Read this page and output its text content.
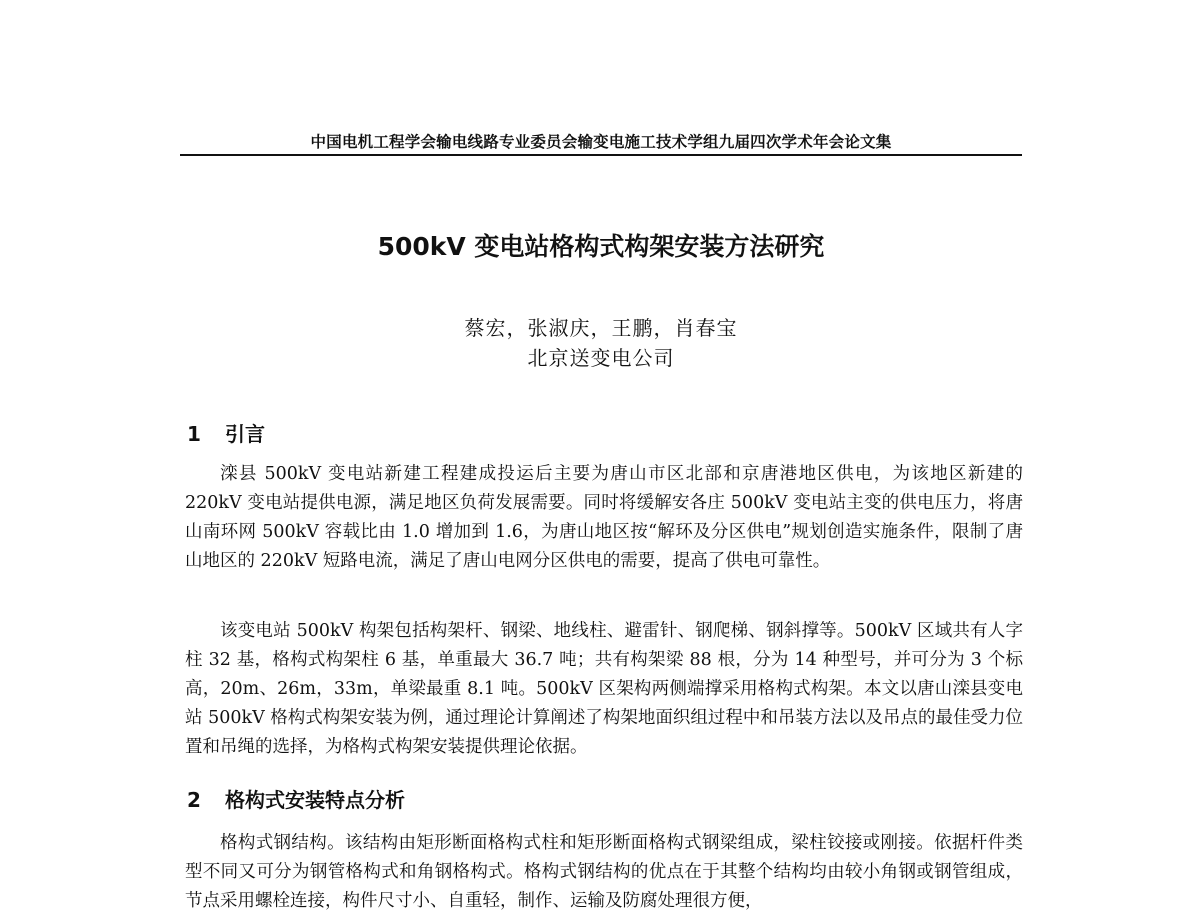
中国电机工程学会输电线路专业委员会输变电施工技术学组九届四次学术年会论文集
500kV 变电站格构式构架安装方法研究
蔡宏，张淑庆，王鹏，肖春宝
北京送变电公司
1 引言

滦县 500kV 变电站新建工程建成投运后主要为唐山市区北部和京唐港地区供电，为该地区新建的 220kV 变电站提供电源，满足地区负荷发展需要。同时将缓解安各庄 500kV 变电站主变的供电压力，将唐山南环网 500kV 容载比由 1.0 增加到 1.6，为唐山地区按“解环及分区供电”规划创造实施条件，限制了唐山地区的 220kV 短路电流，满足了唐山电网分区供电的需要，提高了供电可靠性。

该变电站 500kV 构架包括构架杆、钢梁、地线柱、避雷针、钢爬梯、钢斜撑等。500kV 区域共有人字柱 32 基，格构式构架柱 6 基，单重最大 36.7 吨；共有构架梁 88 根，分为 14 种型号，并可分为 3 个标高，20m、26m，33m，单梁最重 8.1 吨。500kV 区架构两侧端撑采用格构式构架。本文以唐山滦县变电站 500kV 格构式构架安装为例，通过理论计算阐述了构架地面织组过程中和吊装方法以及吊点的最佳受力位置和吊绳的选择，为格构式构架安装提供理论依据。

2 格构式安装特点分析

格构式钢结构。该结构由矩形断面格构式柱和矩形断面格构式钢梁组成，梁柱铰接或刚接。依据杆件类型不同又可分为钢管格构式和角钢格构式。格构式钢结构的优点在于其整个结构均由较小角钢或钢管组成，节点采用螺栓连接，构件尺寸小、自重轻，制作、运输及防腐处理很方便，
